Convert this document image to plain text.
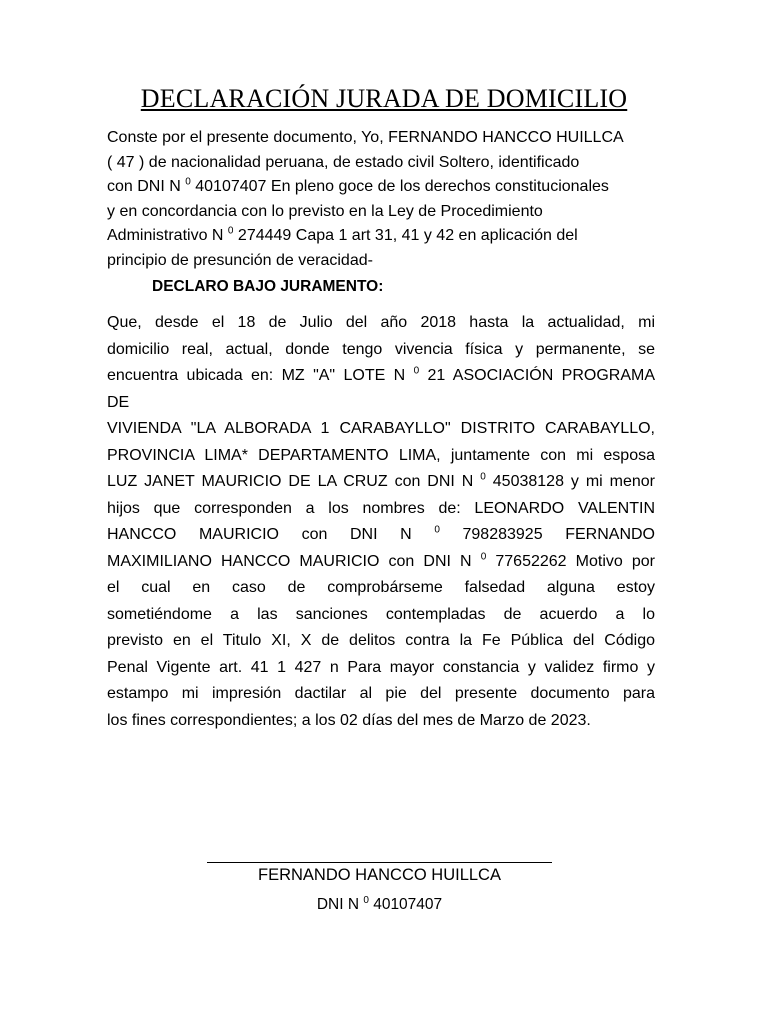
DECLARACIÓN JURADA DE DOMICILIO
Conste por el presente documento, Yo, FERNANDO HANCCO HUILLCA
( 47 ) de nacionalidad peruana, de estado civil Soltero, identificado
con DNI N $^0$ 40107407 En pleno goce de los derechos constitucionales
y en concordancia con lo previsto en la Ley de Procedimiento
Administrativo N $^0$ 274449 Capa 1 art 31, 41 y 42 en aplicación del
principio de presunción de veracidad-
DECLARO BAJO JURAMENTO:
Que, desde el 18 de Julio del año 2018 hasta la actualidad, mi
domicilio real, actual, donde tengo vivencia física y permanente, se
encuentra ubicada en: MZ "A" LOTE N $^0$ 21 ASOCIACIÓN PROGRAMA
DE
VIVIENDA "LA ALBORADA 1 CARABAYLLO" DISTRITO CARABAYLLO,
PROVINCIA LIMA* DEPARTAMENTO LIMA, juntamente con mi esposa
LUZ JANET MAURICIO DE LA CRUZ con DNI N $^0$ 45038128 y mi menor
hijos que corresponden a los nombres de: LEONARDO VALENTIN
HANCCO MAURICIO con DNI N $^0$ 798283925 FERNANDO
MAXIMILIANO HANCCO MAURICIO con DNI N $^0$ 77652262 Motivo por
el cual en caso de comprobárseme falsedad alguna estoy
sometiéndome a las sanciones contempladas de acuerdo a lo
previsto en el Titulo XI, X de delitos contra la Fe Pública del Código
Penal Vigente art. 41 1 427 n Para mayor constancia y validez firmo y
estampo mi impresión dactilar al pie del presente documento para
los fines correspondientes; a los 02 días del mes de Marzo de 2023.
FERNANDO HANCCO HUILLCA
DNI N $^0$ 40107407
